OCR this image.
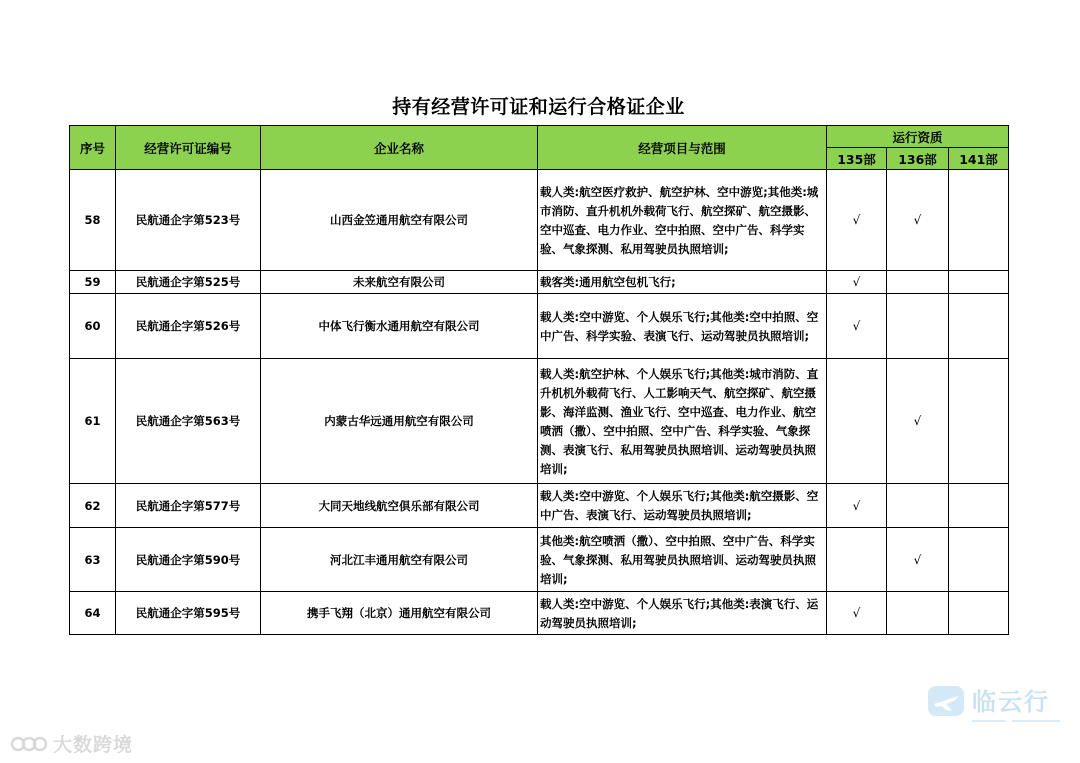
持有经营许可证和运行合格证企业
序号	经营许可证编号	企业名称	经营项目与范围	运行资质		
				135部	136部	141部
58	民航通企字第523号	山西金笠通用航空有限公司	载人类:航空医疗救护、航空护林、空中游览;其他类:城市消防、直升机机外载荷飞行、航空探矿、航空摄影、空中巡查、电力作业、空中拍照、空中广告、科学实验、气象探测、私用驾驶员执照培训;	√	√	
59	民航通企字第525号	未来航空有限公司	载客类:通用航空包机飞行;	√		
60	民航通企字第526号	中体飞行衡水通用航空有限公司	载人类:空中游览、个人娱乐飞行;其他类:空中拍照、空中广告、科学实验、表演飞行、运动驾驶员执照培训;	√		
61	民航通企字第563号	内蒙古华远通用航空有限公司	载人类:航空护林、个人娱乐飞行;其他类:城市消防、直升机机外载荷飞行、人工影响天气、航空探矿、航空摄影、海洋监测、渔业飞行、空中巡查、电力作业、航空喷洒（撒）、空中拍照、空中广告、科学实验、气象探测、表演飞行、私用驾驶员执照培训、运动驾驶员执照培训;		√	
62	民航通企字第577号	大同天地线航空俱乐部有限公司	载人类:空中游览、个人娱乐飞行;其他类:航空摄影、空中广告、表演飞行、运动驾驶员执照培训;	√		
63	民航通企字第590号	河北江丰通用航空有限公司	其他类:航空喷洒（撒）、空中拍照、空中广告、科学实验、气象探测、私用驾驶员执照培训、运动驾驶员执照培训;		√	
64	民航通企字第595号	携手飞翔（北京）通用航空有限公司	载人类:空中游览、个人娱乐飞行;其他类:表演飞行、运动驾驶员执照培训;	√		
大数跨境
临云行
